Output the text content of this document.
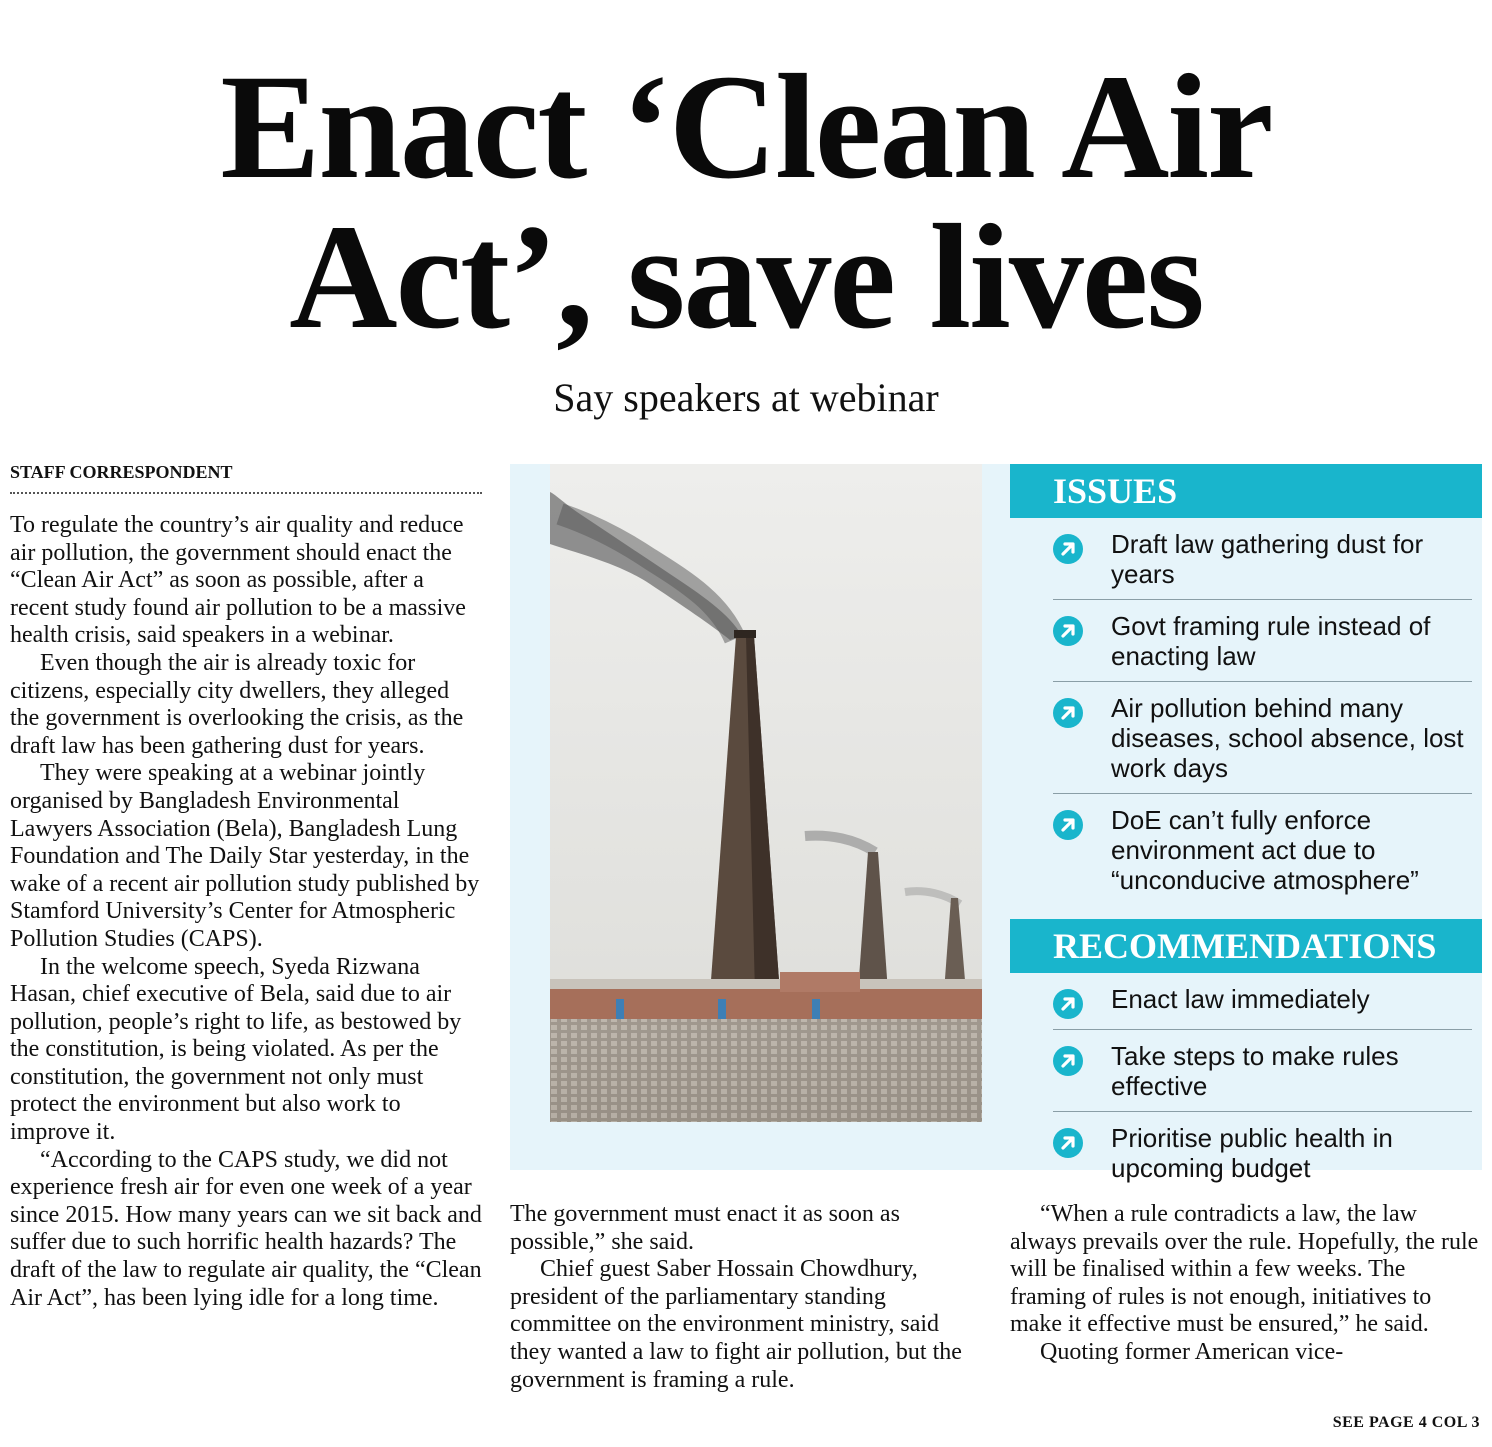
Enact ‘Clean Air
Act’, save lives
Say speakers at webinar
STAFF CORRESPONDENT

To regulate the country’s air quality and reduce air pollution, the government should enact the “Clean Air Act” as soon as possible, after a recent study found air pollution to be a massive health crisis, said speakers in a webinar.

Even though the air is already toxic for citizens, especially city dwellers, they alleged the government is overlooking the crisis, as the draft law has been gathering dust for years.

They were speaking at a webinar jointly organised by Bangladesh Environmental Lawyers Association (Bela), Bangladesh Lung Foundation and The Daily Star yesterday, in the wake of a recent air pollution study published by Stamford University’s Center for Atmospheric Pollution Studies (CAPS).

In the welcome speech, Syeda Rizwana Hasan, chief executive of Bela, said due to air pollution, people’s right to life, as bestowed by the constitution, is being violated. As per the constitution, the government not only must protect the environment but also work to improve it.

“According to the CAPS study, we did not experience fresh air for even one week of a year since 2015. How many years can we sit back and suffer due to such horrific health hazards? The draft of the law to regulate air quality, the “Clean Air Act”, has been lying idle for a long time.

ISSUES
Draft law gathering dust for years
Govt framing rule instead of enacting law
Air pollution behind many diseases, school absence, lost work days
DoE can’t fully enforce environment act due to “unconducive atmosphere”
RECOMMENDATIONS
Enact law immediately
Take steps to make rules effective
Prioritise public health in upcoming budget

The government must enact it as soon as possible,” she said.

Chief guest Saber Hossain Chowdhury, president of the parliamentary standing committee on the environment ministry, said they wanted a law to fight air pollution, but the government is framing a rule.

“When a rule contradicts a law, the law always prevails over the rule. Hopefully, the rule will be finalised within a few weeks. The framing of rules is not enough, initiatives to make it effective must be ensured,” he said.

Quoting former American vice-

SEE PAGE 4 COL 3
